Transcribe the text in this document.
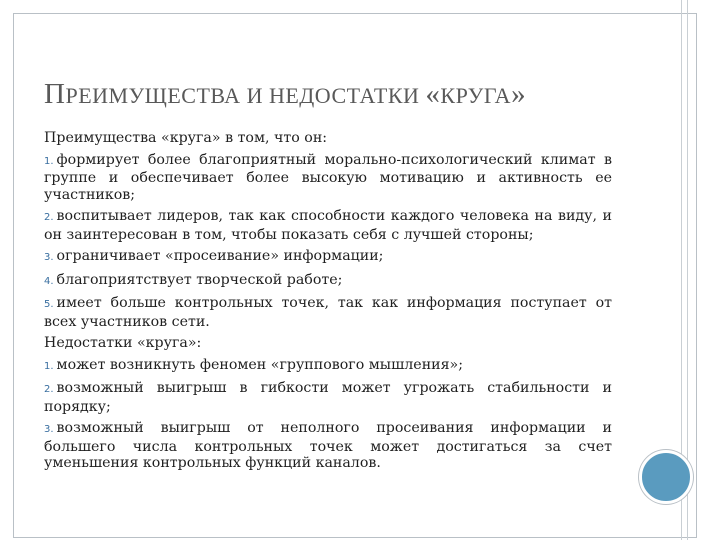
ПРЕИМУЩЕСТВА И НЕДОСТАТКИ «КРУГА»

Преимущества «круга» в том, что он:

1. формирует более благоприятный морально-психологический климат в группе и обеспечивает более высокую мотивацию и активность ее участников;

2. воспитывает лидеров, так как способности каждого человека на виду, и он заинтересован в том, чтобы показать себя с лучшей стороны;

3. ограничивает «просеивание» информации;

4. благоприятствует творческой работе;

5. имеет больше контрольных точек, так как информация поступает от всех участников сети.

Недостатки «круга»:

1. может возникнуть феномен «группового мышления»;

2. возможный выигрыш в гибкости может угрожать стабильности и порядку;

3. возможный выигрыш от неполного просеивания информации и большего числа контрольных точек может достигаться за счет уменьшения контрольных функций каналов.
